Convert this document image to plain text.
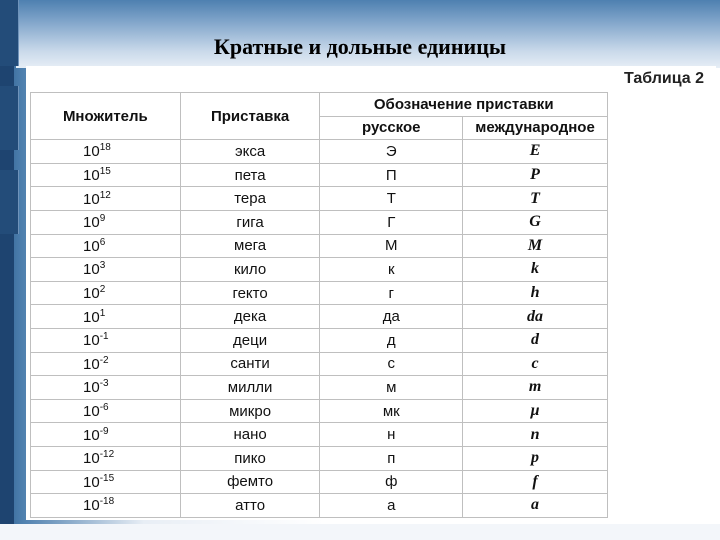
Кратные и дольные единицы
Таблица 2
Множитель	Приставка	Обозначение приставки	
		русское	международное
$10^{18}$	экса	Э	E
$10^{15}$	пета	П	P
$10^{12}$	тера	Т	T
$10^9$	гига	Г	G
$10^6$	мега	М	M
$10^3$	кило	к	k
$10^2$	гекто	г	h
$10^1$	дека	да	da
$10^{-1}$	деци	д	d
$10^{-2}$	санти	с	c
$10^{-3}$	милли	м	m
$10^{-6}$	микро	мк	μ
$10^{-9}$	нано	н	n
$10^{-12}$	пико	п	p
$10^{-15}$	фемто	ф	f
$10^{-18}$	атто	а	a
